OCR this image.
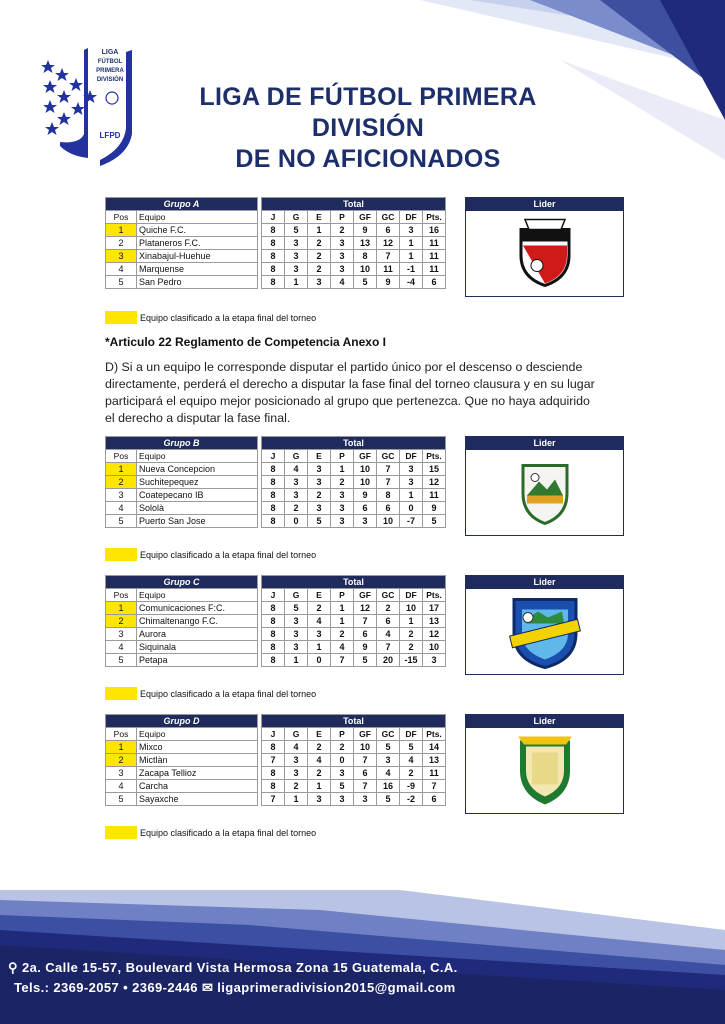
LIGA
FÚTBOL
PRIMERA
DIVISIÓN
LFPD
LIGA DE FÚTBOL PRIMERA DIVISIÓN
DE NO AFICIONADOS
Grupo A			Total							
Pos	Equipo		J	G	E	P	GF	GC	DF	Pts.
1	Quiche F.C.		8	5	1	2	9	6	3	16
2	Plataneros F.C.		8	3	2	3	13	12	1	11
3	Xinabajul-Huehue		8	3	2	3	8	7	1	11
4	Marquense		8	3	2	3	10	11	-1	11
5	San Pedro		8	1	3	4	5	9	-4	6
Lider
Equipo clasificado a la etapa final del torneo
*Articulo 22 Reglamento de Competencia Anexo I
D) Si a un equipo le corresponde disputar el partido único por el descenso o desciende directamente, perderá el derecho a disputar la fase final del torneo clausura y en su lugar participará el equipo mejor posicionado al grupo que pertenezca. Que no haya adquirido el derecho a disputar la fase final.
Grupo B			Total							
Pos	Equipo		J	G	E	P	GF	GC	DF	Pts.
1	Nueva Concepcion		8	4	3	1	10	7	3	15
2	Suchitepequez		8	3	3	2	10	7	3	12
3	Coatepecano IB		8	3	2	3	9	8	1	11
4	Sololà		8	2	3	3	6	6	0	9
5	Puerto San Jose		8	0	5	3	3	10	-7	5
Lider
Equipo clasificado a la etapa final del torneo
Grupo C			Total							
Pos	Equipo		J	G	E	P	GF	GC	DF	Pts.
1	Comunicaciones F:C.		8	5	2	1	12	2	10	17
2	Chimaltenango F.C.		8	3	4	1	7	6	1	13
3	Aurora		8	3	3	2	6	4	2	12
4	Siquinala		8	3	1	4	9	7	2	10
5	Petapa		8	1	0	7	5	20	-15	3
Lider
Equipo clasificado a la etapa final del torneo
Grupo D			Total							
Pos	Equipo		J	G	E	P	GF	GC	DF	Pts.
1	Mixco		8	4	2	2	10	5	5	14
2	Mictlàn		7	3	4	0	7	3	4	13
3	Zacapa Tellioz		8	3	2	3	6	4	2	11
4	Carcha		8	2	1	5	7	16	-9	7
5	Sayaxche		7	1	3	3	3	5	-2	6
Lider
Equipo clasificado a la etapa final del torneo
⚲ 2a. Calle 15-57, Boulevard Vista Hermosa Zona 15 Guatemala, C.A.
Tels.: 2369-2057 • 2369-2446 ✉ ligaprimeradivision2015@gmail.com
